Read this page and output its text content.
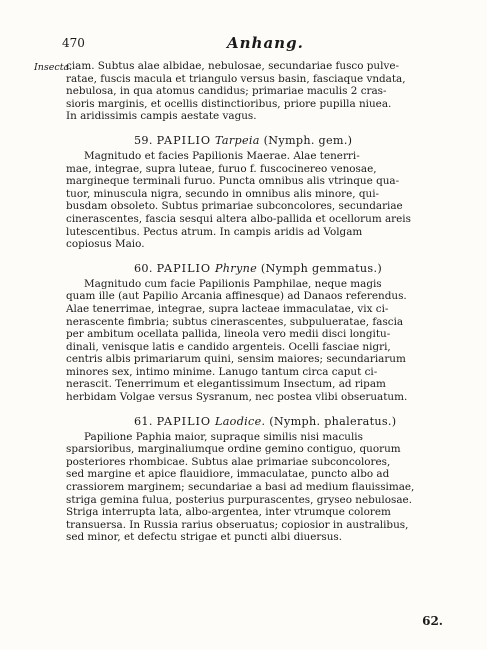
470	Anhang.
Insecta.
ciam. Subtus alae albidae, nebulosae, secundariae fusco pulve-
ratae, fuscis macula et triangulo versus basin, fasciaque vndata,
nebulosa, in qua atomus candidus; primariae maculis 2 cras-
sioris marginis, et ocellis distinctioribus, priore pupilla niuea.
In aridissimis campis aestate vagus.
59. PAPILIO Tarpeia (Nymph. gem.)
Magnitudo et facies Papilionis Maerae. Alae tenerri-
mae, integrae, supra luteae, furuo f. fuscocinereo venosae,
margineque terminali furuo. Puncta omnibus alis vtrinque qua-
tuor, minuscula nigra, secundo in omnibus alis minore, qui-
busdam obsoleto. Subtus primariae subconcolores, secundariae
cinerascentes, fascia sesqui altera albo-pallida et ocellorum areis
lutescentibus. Pectus atrum. In campis aridis ad Volgam
copiosus Maio.
60. PAPILIO Phryne (Nymph gemmatus.)
Magnitudo cum facie Papilionis Pamphilae, neque magis
quam ille (aut Papilio Arcania affinesque) ad Danaos referendus.
Alae tenerrimae, integrae, supra lacteae immaculatae, vix ci-
nerascente fimbria; subtus cinerascentes, subpuluerataе, fascia
per ambitum ocellata pallida, lineola vero medii disci longitu-
dinali, venisque latis e candido argenteis. Ocelli fasciae nigri,
centris albis primariarum quini, sensim maiores; secundariarum
minores sex, intimo minime. Lanugo tantum circa caput ci-
nerascit. Tenerrimum et elegantissimum Insectum, ad ripam
herbidam Volgae versus Sysranum, nec postea vlibi obseruatum.
61. PAPILIO Laodice. (Nymph. phaleratus.)
Papilione Paphia maior, supraque similis nisi maculis
sparsioribus, marginaliumque ordine gemino contiguo, quorum
posteriores rhombicae. Subtus alae primariae subconcolores,
sed margine et apice flauidiore, immaculatae, puncto albo ad
crassiorem marginem; secundariae a basi ad medium flauissimae,
striga gemina fulua, posterius purpurascentes, gryseo nebulosae.
Striga interrupta lata, albo-argentea, inter vtrumque colorem
transuersa. In Russia rarius obseruatus; copiosior in australibus,
sed minor, et defectu strigae et puncti albi diuersus.
62.
